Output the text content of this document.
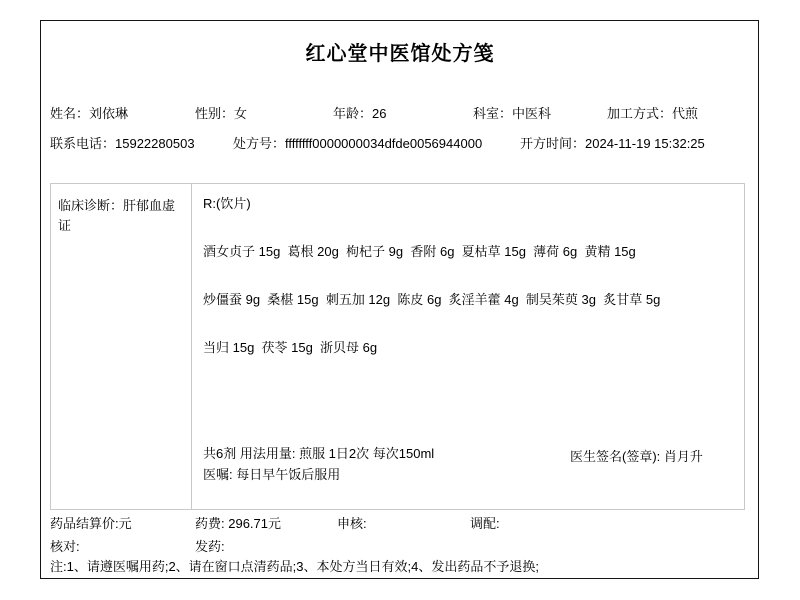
红心堂中医馆处方笺
姓名：刘依琳	性别：女	年龄：26	科室：中医科	加工方式：代煎
联系电话：15922280503	处方号：ffffffff0000000034dfde0056944000	开方时间：2024-11-19 15:32:25
临床诊断：肝郁血虚证
R:(饮片)
酒女贞子 15g  葛根 20g  枸杞子 9g  香附 6g  夏枯草 15g  薄荷 6g  黄精 15g
炒僵蚕 9g  桑椹 15g  刺五加 12g  陈皮 6g  炙淫羊藿 4g  制吴茱萸 3g  炙甘草 5g
当归 15g  茯苓 15g  浙贝母 6g
共6剂 用法用量: 煎服 1日2次 每次150ml
医嘱: 每日早午饭后服用
医生签名(签章): 肖月升
药品结算价:元	药费: 296.71元	申核:	调配:
核对:	发药:
注:1、请遵医嘱用药;2、请在窗口点清药品;3、本处方当日有效;4、发出药品不予退换;
